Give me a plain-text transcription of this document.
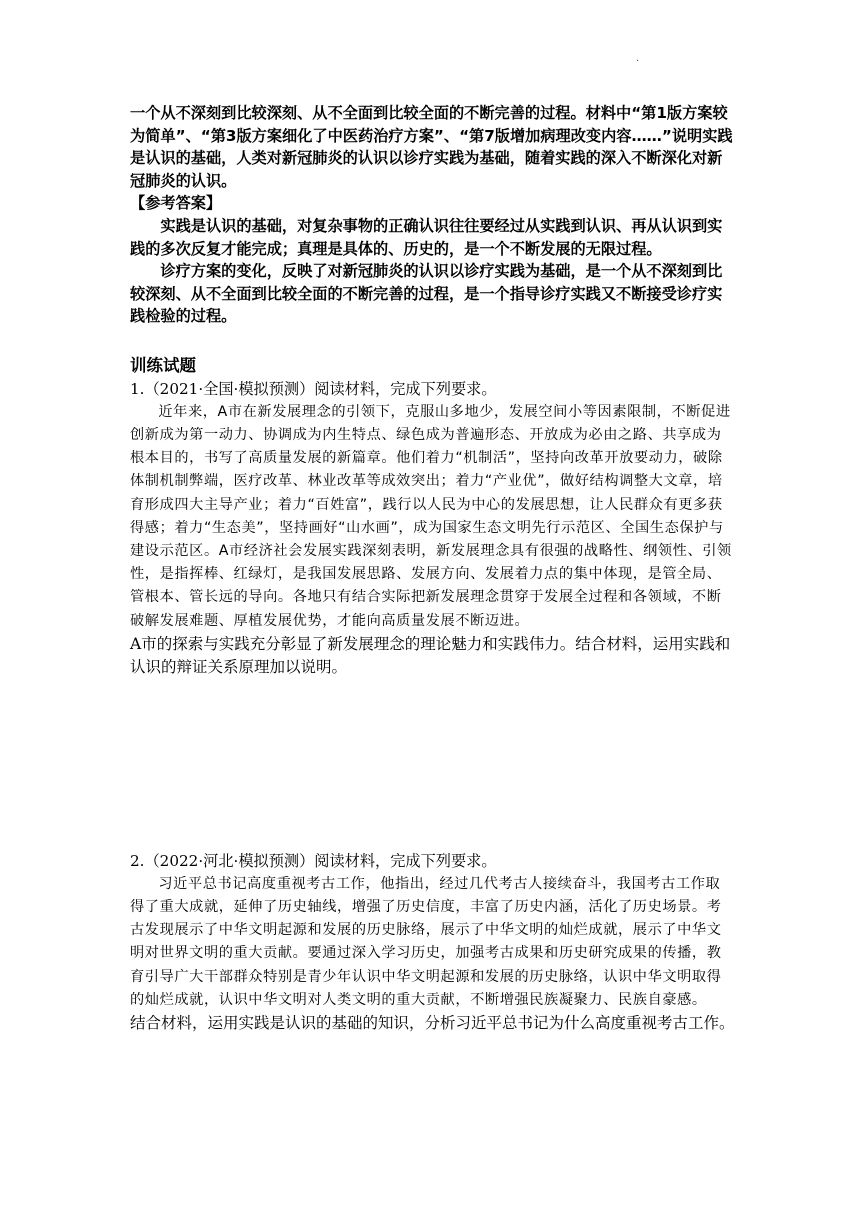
·

一个从不深刻到比较深刻、从不全面到比较全面的不断完善的过程。材料中“第1版方案较为简单”、“第3版方案细化了中医药治疗方案”、“第7版增加病理改变内容……”说明实践是认识的基础，人类对新冠肺炎的认识以诊疗实践为基础，随着实践的深入不断深化对新冠肺炎的认识。

【参考答案】

实践是认识的基础，对复杂事物的正确认识往往要经过从实践到认识、再从认识到实践的多次反复才能完成；真理是具体的、历史的，是一个不断发展的无限过程。

诊疗方案的变化，反映了对新冠肺炎的认识以诊疗实践为基础，是一个从不深刻到比较深刻、从不全面到比较全面的不断完善的过程，是一个指导诊疗实践又不断接受诊疗实践检验的过程。

训练试题

1.（2021·全国·模拟预测）阅读材料，完成下列要求。

近年来，A市在新发展理念的引领下，克服山多地少，发展空间小等因素限制，不断促进创新成为第一动力、协调成为内生特点、绿色成为普遍形态、开放成为必由之路、共享成为根本目的，书写了高质量发展的新篇章。他们着力“机制活”，坚持向改革开放要动力，破除体制机制弊端，医疗改革、林业改革等成效突出；着力“产业优”，做好结构调整大文章，培育形成四大主导产业；着力“百姓富”，践行以人民为中心的发展思想，让人民群众有更多获得感；着力“生态美”，坚持画好“山水画”，成为国家生态文明先行示范区、全国生态保护与建设示范区。A市经济社会发展实践深刻表明，新发展理念具有很强的战略性、纲领性、引领性，是指挥棒、红绿灯，是我国发展思路、发展方向、发展着力点的集中体现，是管全局、管根本、管长远的导向。各地只有结合实际把新发展理念贯穿于发展全过程和各领域，不断破解发展难题、厚植发展优势，才能向高质量发展不断迈进。

A市的探索与实践充分彰显了新发展理念的理论魅力和实践伟力。结合材料，运用实践和认识的辩证关系原理加以说明。

2.（2022·河北·模拟预测）阅读材料，完成下列要求。

习近平总书记高度重视考古工作，他指出，经过几代考古人接续奋斗，我国考古工作取得了重大成就，延伸了历史轴线，增强了历史信度，丰富了历史内涵，活化了历史场景。考古发现展示了中华文明起源和发展的历史脉络，展示了中华文明的灿烂成就，展示了中华文明对世界文明的重大贡献。要通过深入学习历史，加强考古成果和历史研究成果的传播，教育引导广大干部群众特别是青少年认识中华文明起源和发展的历史脉络，认识中华文明取得的灿烂成就，认识中华文明对人类文明的重大贡献，不断增强民族凝聚力、民族自豪感。

结合材料，运用实践是认识的基础的知识，分析习近平总书记为什么高度重视考古工作。
